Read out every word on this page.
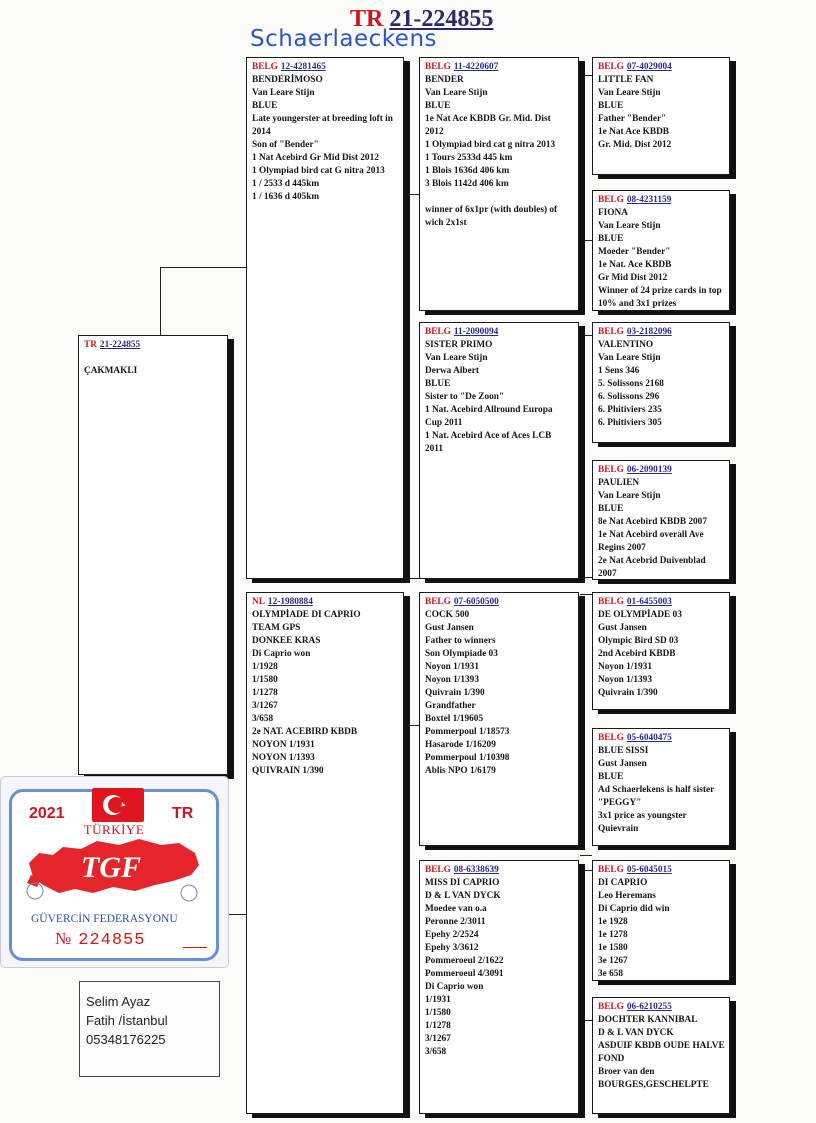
TR 21-224855
Schaerlaeckens
TR 21-224855
ÇAKMAKLI
BELG 12-4281465
BENDERİMOSO
Van Leare Stijn
BLUE
Late youngerster at breeding loft in
2014
Son of "Bender"
1 Nat Acebird Gr Mid Dist 2012
1 Olympiad bird cat G nitra 2013
1 / 2533 d 445km
1 / 1636 d 405km
NL 12-1980884
OLYMPİADE DI CAPRIO
TEAM GPS
DONKEE KRAS
Di Caprio won
1/1928
1/1580
1/1278
3/1267
3/658
2e NAT. ACEBIRD KBDB
NOYON 1/1931
NOYON 1/1393
QUIVRAIN 1/390
BELG 11-4220607
BENDER
Van Leare Stijn
BLUE
1e Nat Ace KBDB Gr. Mid. Dist
2012
1 Olympiad bird cat g nitra 2013
1 Tours 2533d 445 km
1 Blois 1636d 406 km
3 Blois 1142d 406 km
winner of 6x1pr (with doubles) of
wich 2x1st
BELG 11-2090094
SISTER PRIMO
Van Leare Stijn
Derwa Albert
BLUE
Sister to "De Zoon"
1 Nat. Acebird Allround Europa
Cup 2011
1 Nat. Acebird Ace of Aces LCB
2011
BELG 07-6050500
COCK 500
Gust Jansen
Father to winners
Son Olympiade 03
Noyon 1/1931
Noyon 1/1393
Quivrain 1/390
Grandfather
Boxtel 1/19605
Pommerpoul 1/18573
Hasarode 1/16209
Pommerpoul 1/10398
Ablis NPO 1/6179
BELG 08-6338639
MISS DI CAPRIO
D & L VAN DYCK
Moedee van o.a
Peronne 2/3011
Epehy 2/2524
Epehy 3/3612
Pommeroeul 2/1622
Pommeroeul 4/3091
Di Caprio won
1/1931
1/1580
1/1278
3/1267
3/658
BELG 07-4029004
LITTLE FAN
Van Leare Stijn
BLUE
Father "Bender"
1e Nat Ace KBDB
Gr. Mid. Dist 2012
BELG 08-4231159
FIONA
Van Leare Stijn
BLUE
Moeder "Bender"
1e Nat. Ace KBDB
Gr Mid Dist 2012
Winner of 24 prize cards in top
10% and 3x1 prizes
BELG 03-2182096
VALENTINO
Van Leare Stijn
1 Sens 346
5. Solissons 2168
6. Solissons 296
6. Phitiviers 235
6. Phitiviers 305
BELG 06-2090139
PAULIEN
Van Leare Stijn
BLUE
8e Nat Acebird KBDB 2007
1e Nat Acebird overall Ave
Regins 2007
2e Nat Acebrid Duivenblad
2007
BELG 01-6455003
DE OLYMPİADE 03
Gust Jansen
Olympic Bird SD 03
2nd Acebird KBDB
Noyon 1/1931
Noyon 1/1393
Quivrain 1/390
BELG 05-6040475
BLUE SISSI
Gust Jansen
BLUE
Ad Schaerlekens is half sister
"PEGGY"
3x1 price as youngster
Quievrain
BELG 05-6045015
DI CAPRIO
Leo Heremans
Di Caprio did win
1e 1928
1e 1278
1e 1580
3e 1267
3e 658
BELG 06-6210255
DOCHTER KANNIBAL
D & L VAN DYCK
ASDUIF KBDB OUDE HALVE
FOND
Broer van den
BOURGES,GESCHELPTE
2021	TR
TÜRKİYE
TGF
GÜVERCİN FEDERASYONU
№ 224855
Selim Ayaz
Fatih /İstanbul
05348176225
